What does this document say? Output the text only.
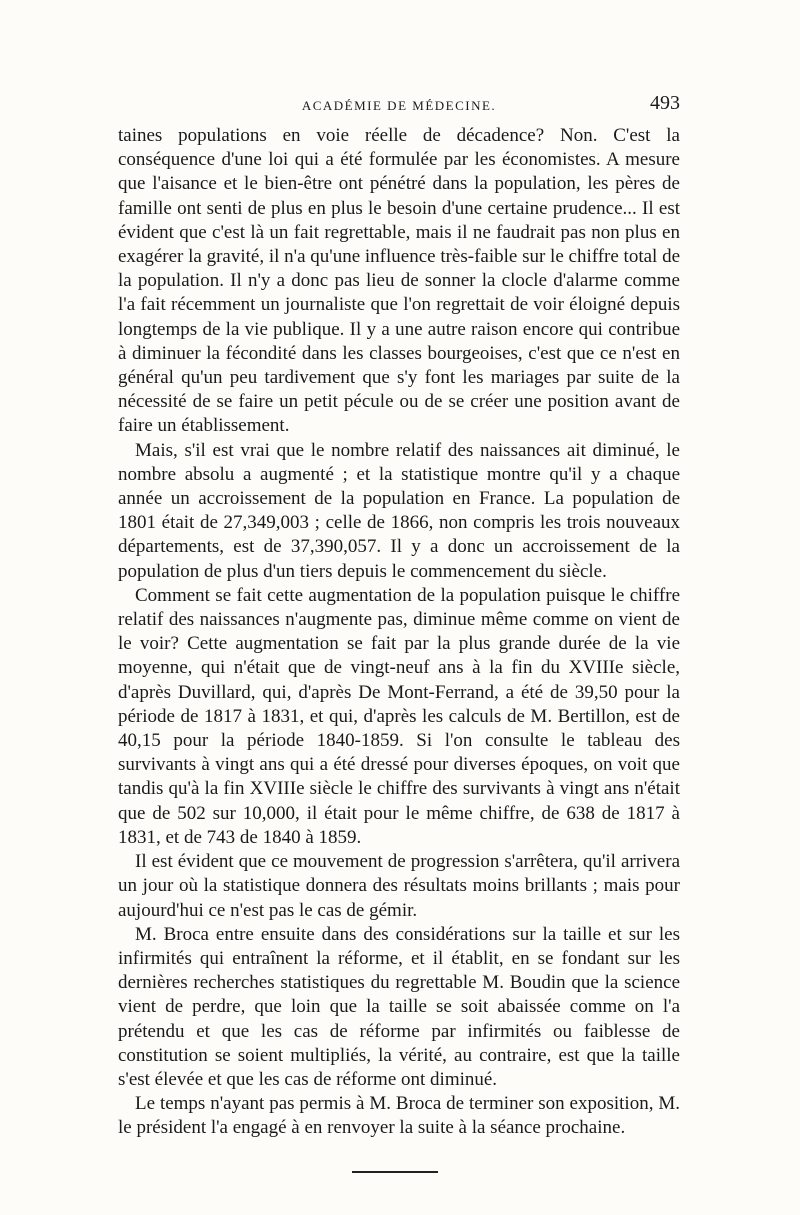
ACADÉMIE DE MÉDECINE.	493

taines populations en voie réelle de décadence? Non. C'est la conséquence d'une loi qui a été formulée par les économistes. A mesure que l'aisance et le bien-être ont pénétré dans la population, les pères de famille ont senti de plus en plus le besoin d'une certaine prudence... Il est évident que c'est là un fait regrettable, mais il ne faudrait pas non plus en exagérer la gravité, il n'a qu'une influence très-faible sur le chiffre total de la population. Il n'y a donc pas lieu de sonner la clocle d'alarme comme l'a fait récemment un journaliste que l'on regrettait de voir éloigné depuis longtemps de la vie publique. Il y a une autre raison encore qui contribue à diminuer la fécondité dans les classes bourgeoises, c'est que ce n'est en général qu'un peu tardivement que s'y font les mariages par suite de la nécessité de se faire un petit pécule ou de se créer une position avant de faire un établissement.

Mais, s'il est vrai que le nombre relatif des naissances ait diminué, le nombre absolu a augmenté ; et la statistique montre qu'il y a chaque année un accroissement de la population en France. La population de 1801 était de 27,349,003 ; celle de 1866, non compris les trois nouveaux départements, est de 37,390,057. Il y a donc un accroissement de la population de plus d'un tiers depuis le commencement du siècle.

Comment se fait cette augmentation de la population puisque le chiffre relatif des naissances n'augmente pas, diminue même comme on vient de le voir? Cette augmentation se fait par la plus grande durée de la vie moyenne, qui n'était que de vingt-neuf ans à la fin du XVIIIe siècle, d'après Duvillard, qui, d'après De Mont-Ferrand, a été de 39,50 pour la période de 1817 à 1831, et qui, d'après les calculs de M. Bertillon, est de 40,15 pour la période 1840-1859. Si l'on consulte le tableau des survivants à vingt ans qui a été dressé pour diverses époques, on voit que tandis qu'à la fin XVIIIe siècle le chiffre des survivants à vingt ans n'était que de 502 sur 10,000, il était pour le même chiffre, de 638 de 1817 à 1831, et de 743 de 1840 à 1859.

Il est évident que ce mouvement de progression s'arrêtera, qu'il arrivera un jour où la statistique donnera des résultats moins brillants ; mais pour aujourd'hui ce n'est pas le cas de gémir.

M. Broca entre ensuite dans des considérations sur la taille et sur les infirmités qui entraînent la réforme, et il établit, en se fondant sur les dernières recherches statistiques du regrettable M. Boudin que la science vient de perdre, que loin que la taille se soit abaissée comme on l'a prétendu et que les cas de réforme par infirmités ou faiblesse de constitution se soient multipliés, la vérité, au contraire, est que la taille s'est élevée et que les cas de réforme ont diminué.

Le temps n'ayant pas permis à M. Broca de terminer son exposition, M. le président l'a engagé à en renvoyer la suite à la séance prochaine.
